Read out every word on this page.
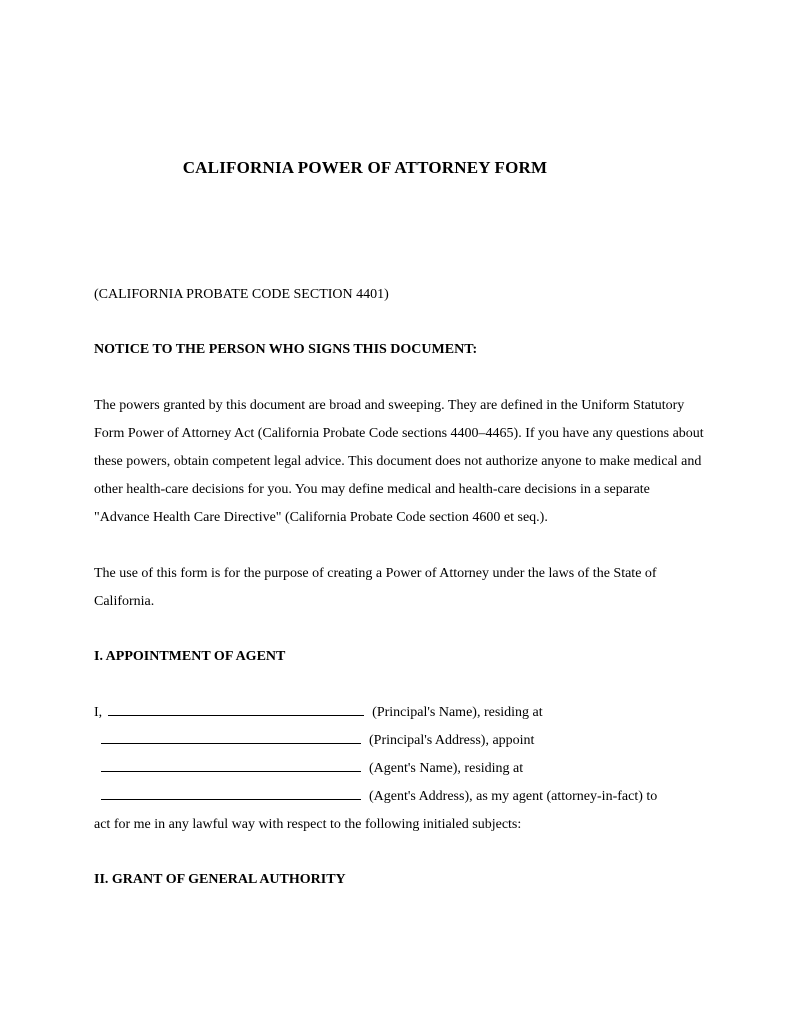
CALIFORNIA POWER OF ATTORNEY FORM

(CALIFORNIA PROBATE CODE SECTION 4401)

NOTICE TO THE PERSON WHO SIGNS THIS DOCUMENT:

The powers granted by this document are broad and sweeping. They are defined in the Uniform Statutory Form Power of Attorney Act (California Probate Code sections 4400–4465). If you have any questions about these powers, obtain competent legal advice. This document does not authorize anyone to make medical and other health-care decisions for you. You may define medical and health-care decisions in a separate "Advance Health Care Directive" (California Probate Code section 4600 et seq.).

The use of this form is for the purpose of creating a Power of Attorney under the laws of the State of California.

I. APPOINTMENT OF AGENT
I,	(Principal's Name), residing at
(Principal's Address), appoint
(Agent's Name), residing at
(Agent's Address), as my agent (attorney-in-fact) to
act for me in any lawful way with respect to the following initialed subjects:
II. GRANT OF GENERAL AUTHORITY
